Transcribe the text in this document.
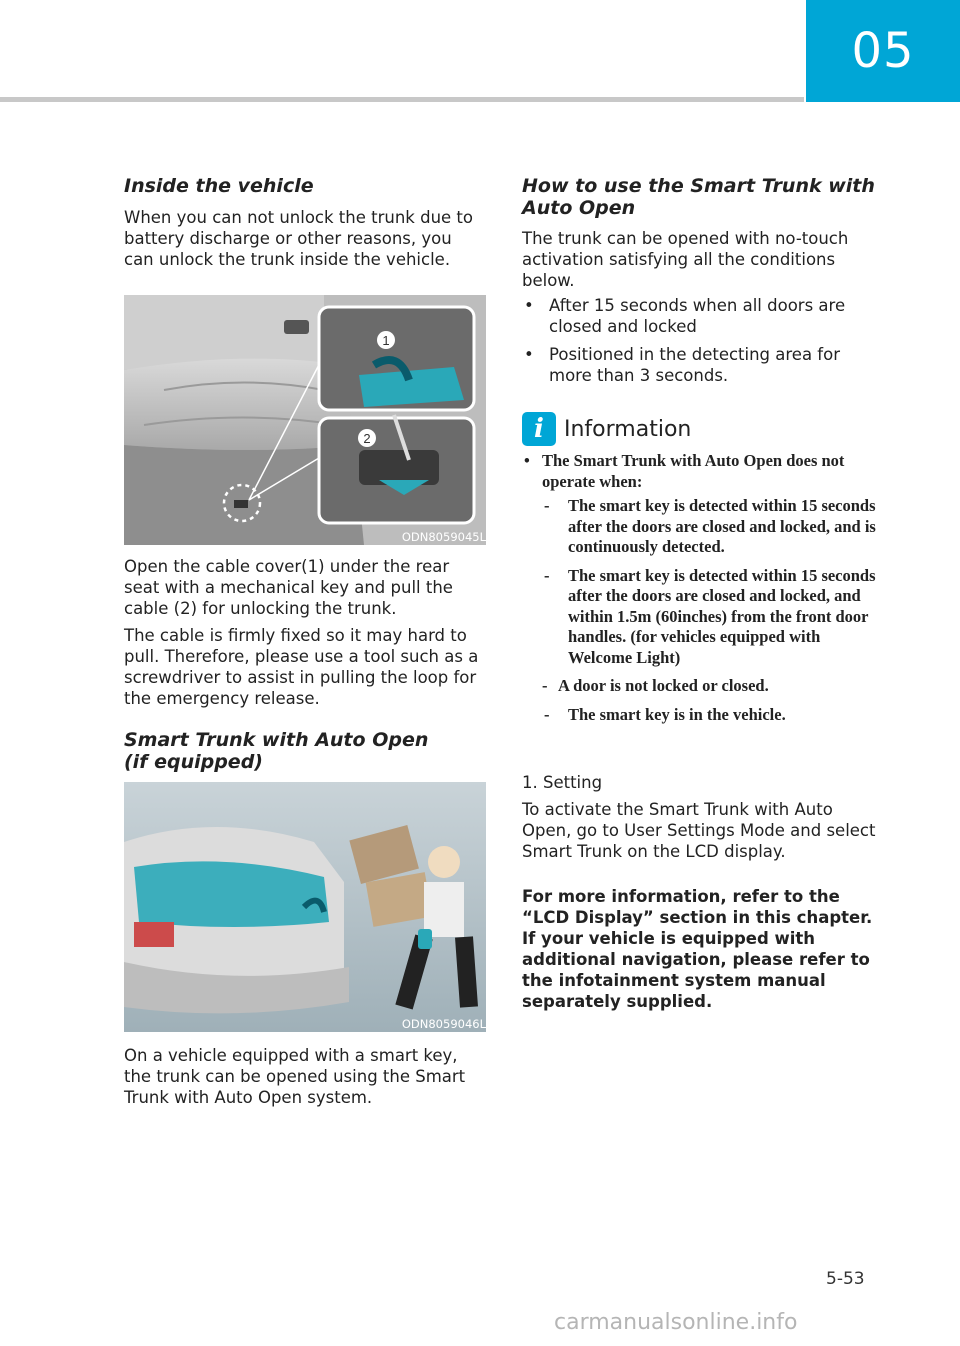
05
Inside the vehicle
When you can not unlock the trunk due to battery discharge or other reasons, you can unlock the trunk inside the vehicle.
1
2
ODN8059045L
Open the cable cover(1) under the rear seat with a mechanical key and pull the cable (2) for unlocking the trunk.
The cable is firmly fixed so it may hard to pull. Therefore, please use a tool such as a screwdriver to assist in pulling the loop for the emergency release.
Smart Trunk with Auto Open
(if equipped)
ODN8059046L
On a vehicle equipped with a smart key, the trunk can be opened using the Smart Trunk with Auto Open system.
How to use the Smart Trunk with
Auto Open
The trunk can be opened with no-touch activation satisfying all the conditions below.
• After 15 seconds when all doors are closed and locked
• Positioned in the detecting area for more than 3 seconds.
i Information
• The Smart Trunk with Auto Open does not operate when:
- The smart key is detected within 15 seconds after the doors are closed and locked, and is continuously detected.
- The smart key is detected within 15 seconds after the doors are closed and locked, and within 1.5m (60inches) from the front door handles. (for vehicles equipped with Welcome Light)
- A door is not locked or closed.
- The smart key is in the vehicle.
1. Setting
To activate the Smart Trunk with Auto Open, go to User Settings Mode and select Smart Trunk on the LCD display.
For more information, refer to the “LCD Display” section in this chapter. If your vehicle is equipped with additional navigation, please refer to the infotainment system manual separately supplied.
5-53
carmanualsonline.info
